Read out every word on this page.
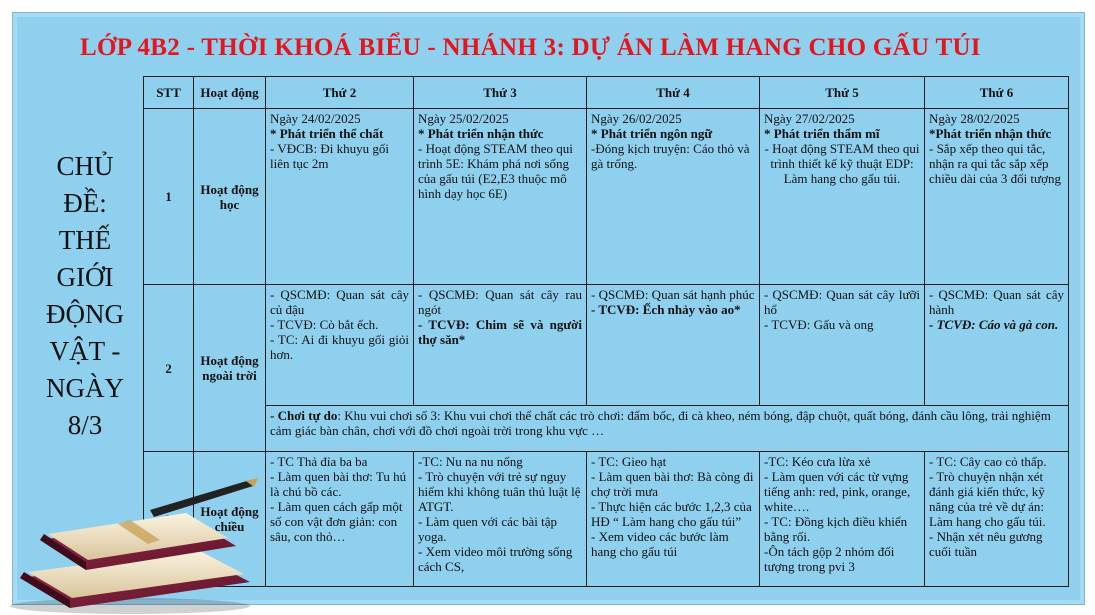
LỚP 4B2 - THỜI KHOÁ BIỂU - NHÁNH 3: DỰ ÁN LÀM HANG CHO GẤU TÚI
CHỦ
ĐỀ:
THẾ
GIỚI
ĐỘNG
VẬT -
NGÀY
8/3
STT	Hoạt động	Thứ 2	Thứ 3	Thứ 4	Thứ 5	Thứ 6
1	Hoạt động học	Ngày 24/02/2025
* Phát triển thể chất
- VĐCB: Đi khuyu gối liên tục 2m	Ngày 25/02/2025
* Phát triển nhận thức
- Hoạt động STEAM theo qui trình 5E: Khám phá nơi sống của gấu túi (E2,E3 thuộc mô hình dạy học 6E)	Ngày 26/02/2025
* Phát triển ngôn ngữ
-Đóng kịch truyện: Cáo thỏ và gà trống.	Ngày 27/02/2025
* Phát triển thẩm mĩ
- Hoạt động STEAM theo qui trình thiết kế kỹ thuật EDP: Làm hang cho gấu túi.	Ngày 28/02/2025
*Phát triển nhận thức
- Sắp xếp theo qui tắc, nhận ra qui tắc sắp xếp chiều dài của 3 đối tượng

2	Hoạt động ngoài trời	- QSCMĐ: Quan sát cây củ đậu
- TCVĐ: Cò bắt ếch.
- TC: Ai đi khuyu gối giỏi hơn.	- QSCMĐ: Quan sát cây rau ngót
- TCVĐ: Chim sẽ và người thợ săn*	- QSCMĐ: Quan sát hạnh phúc
- TCVĐ: Ếch nhảy vào ao*	- QSCMĐ: Quan sát cây lưỡi hổ
- TCVĐ: Gấu và ong	- QSCMĐ: Quan sát cây hành
- TCVĐ: Cáo và gà con.

		- Chơi tự do: Khu vui chơi số 3: Khu vui chơi thể chất các trò chơi: đẩm bốc, đi cà kheo, ném bóng, đập chuột, quất bóng, đánh cầu lông, trải nghiệm cảm giác bàn chân, chơi với đồ chơi ngoài trời trong khu vực …				
	Hoạt động chiều	- TC Thả đỉa ba ba
- Làm quen bài thơ: Tu hú là chú bồ các.
- Làm quen cách gấp một số con vật đơn giản: con sâu, con thỏ…	-TC: Nu na nu nống
- Trò chuyện với trẻ sự nguy hiểm khi không tuân thủ luật lệ ATGT.
- Làm quen với các bài tập yoga.
- Xem video môi trường sống cách CS,	- TC: Gieo hạt
- Làm quen bài thơ: Bà còng đi chợ trời mưa
- Thực hiện các bước 1,2,3 của HĐ “ Làm hang cho gấu túi”
- Xem video các bước làm hang cho gấu túi	-TC: Kéo cưa lừa xẻ
- Làm quen với các từ vựng tiếng anh: red, pink, orange, white….
- TC: Đồng kịch điều khiển bằng rối.
-Ôn tách gộp 2 nhóm đối tượng trong pvi 3	- TC: Cây cao cỏ thấp.
- Trò chuyện nhận xét đánh giá kiến thức, kỹ năng của trẻ về dự án: Làm hang cho gấu túi.
- Nhận xét nêu gương cuối tuần
